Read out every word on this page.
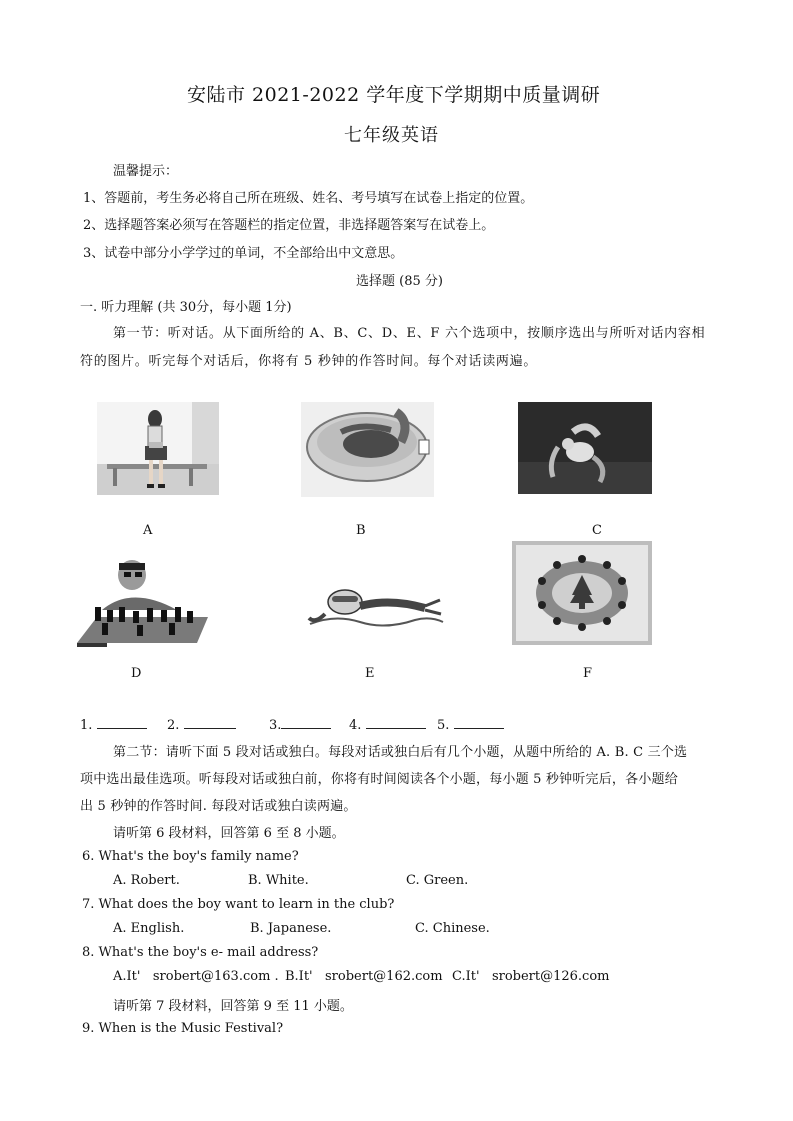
安陆市 2021-2022 学年度下学期期中质量调研
七年级英语
温馨提示：
1、答题前，考生务必将自己所在班级、姓名、考号填写在试卷上指定的位置。
2、选择题答案必须写在答题栏的指定位置，非选择题答案写在试卷上。
3、试卷中部分小学学过的单词，不全部给出中文意思。
选择题 (85 分)
一. 听力理解 (共 30分，每小题 1分)
第一节：听对话。从下面所给的 A、B、C、D、E、F 六个选项中，按顺序选出与所听对话内容相
符的图片。听完每个对话后，你将有 5 秒钟的作答时间。每个对话读两遍。
A	B	C
D	E	F
1.	2.	3.	4.	5.
第二节：请听下面 5 段对话或独白。每段对话或独白后有几个小题，从题中所给的 A. B. C 三个选
项中选出最佳选项。听每段对话或独白前，你将有时间阅读各个小题，每小题 5 秒钟听完后，各小题给
出 5 秒钟的作答时间. 每段对话或独白读两遍。
请听第 6 段材料，回答第 6 至 8 小题。
6. What's the boy's family name?
A. Robert.	B. White.	C. Green.
7. What does the boy want to learn in the club?
A. English.	B. Japanese.	C. Chinese.
8. What's the boy's e- mail address?
A.It'   srobert@163.com . B.It'   srobert@162.com C.It'   srobert@126.com
请听第 7 段材料，回答第 9 至 11 小题。
9. When is the Music Festival?
